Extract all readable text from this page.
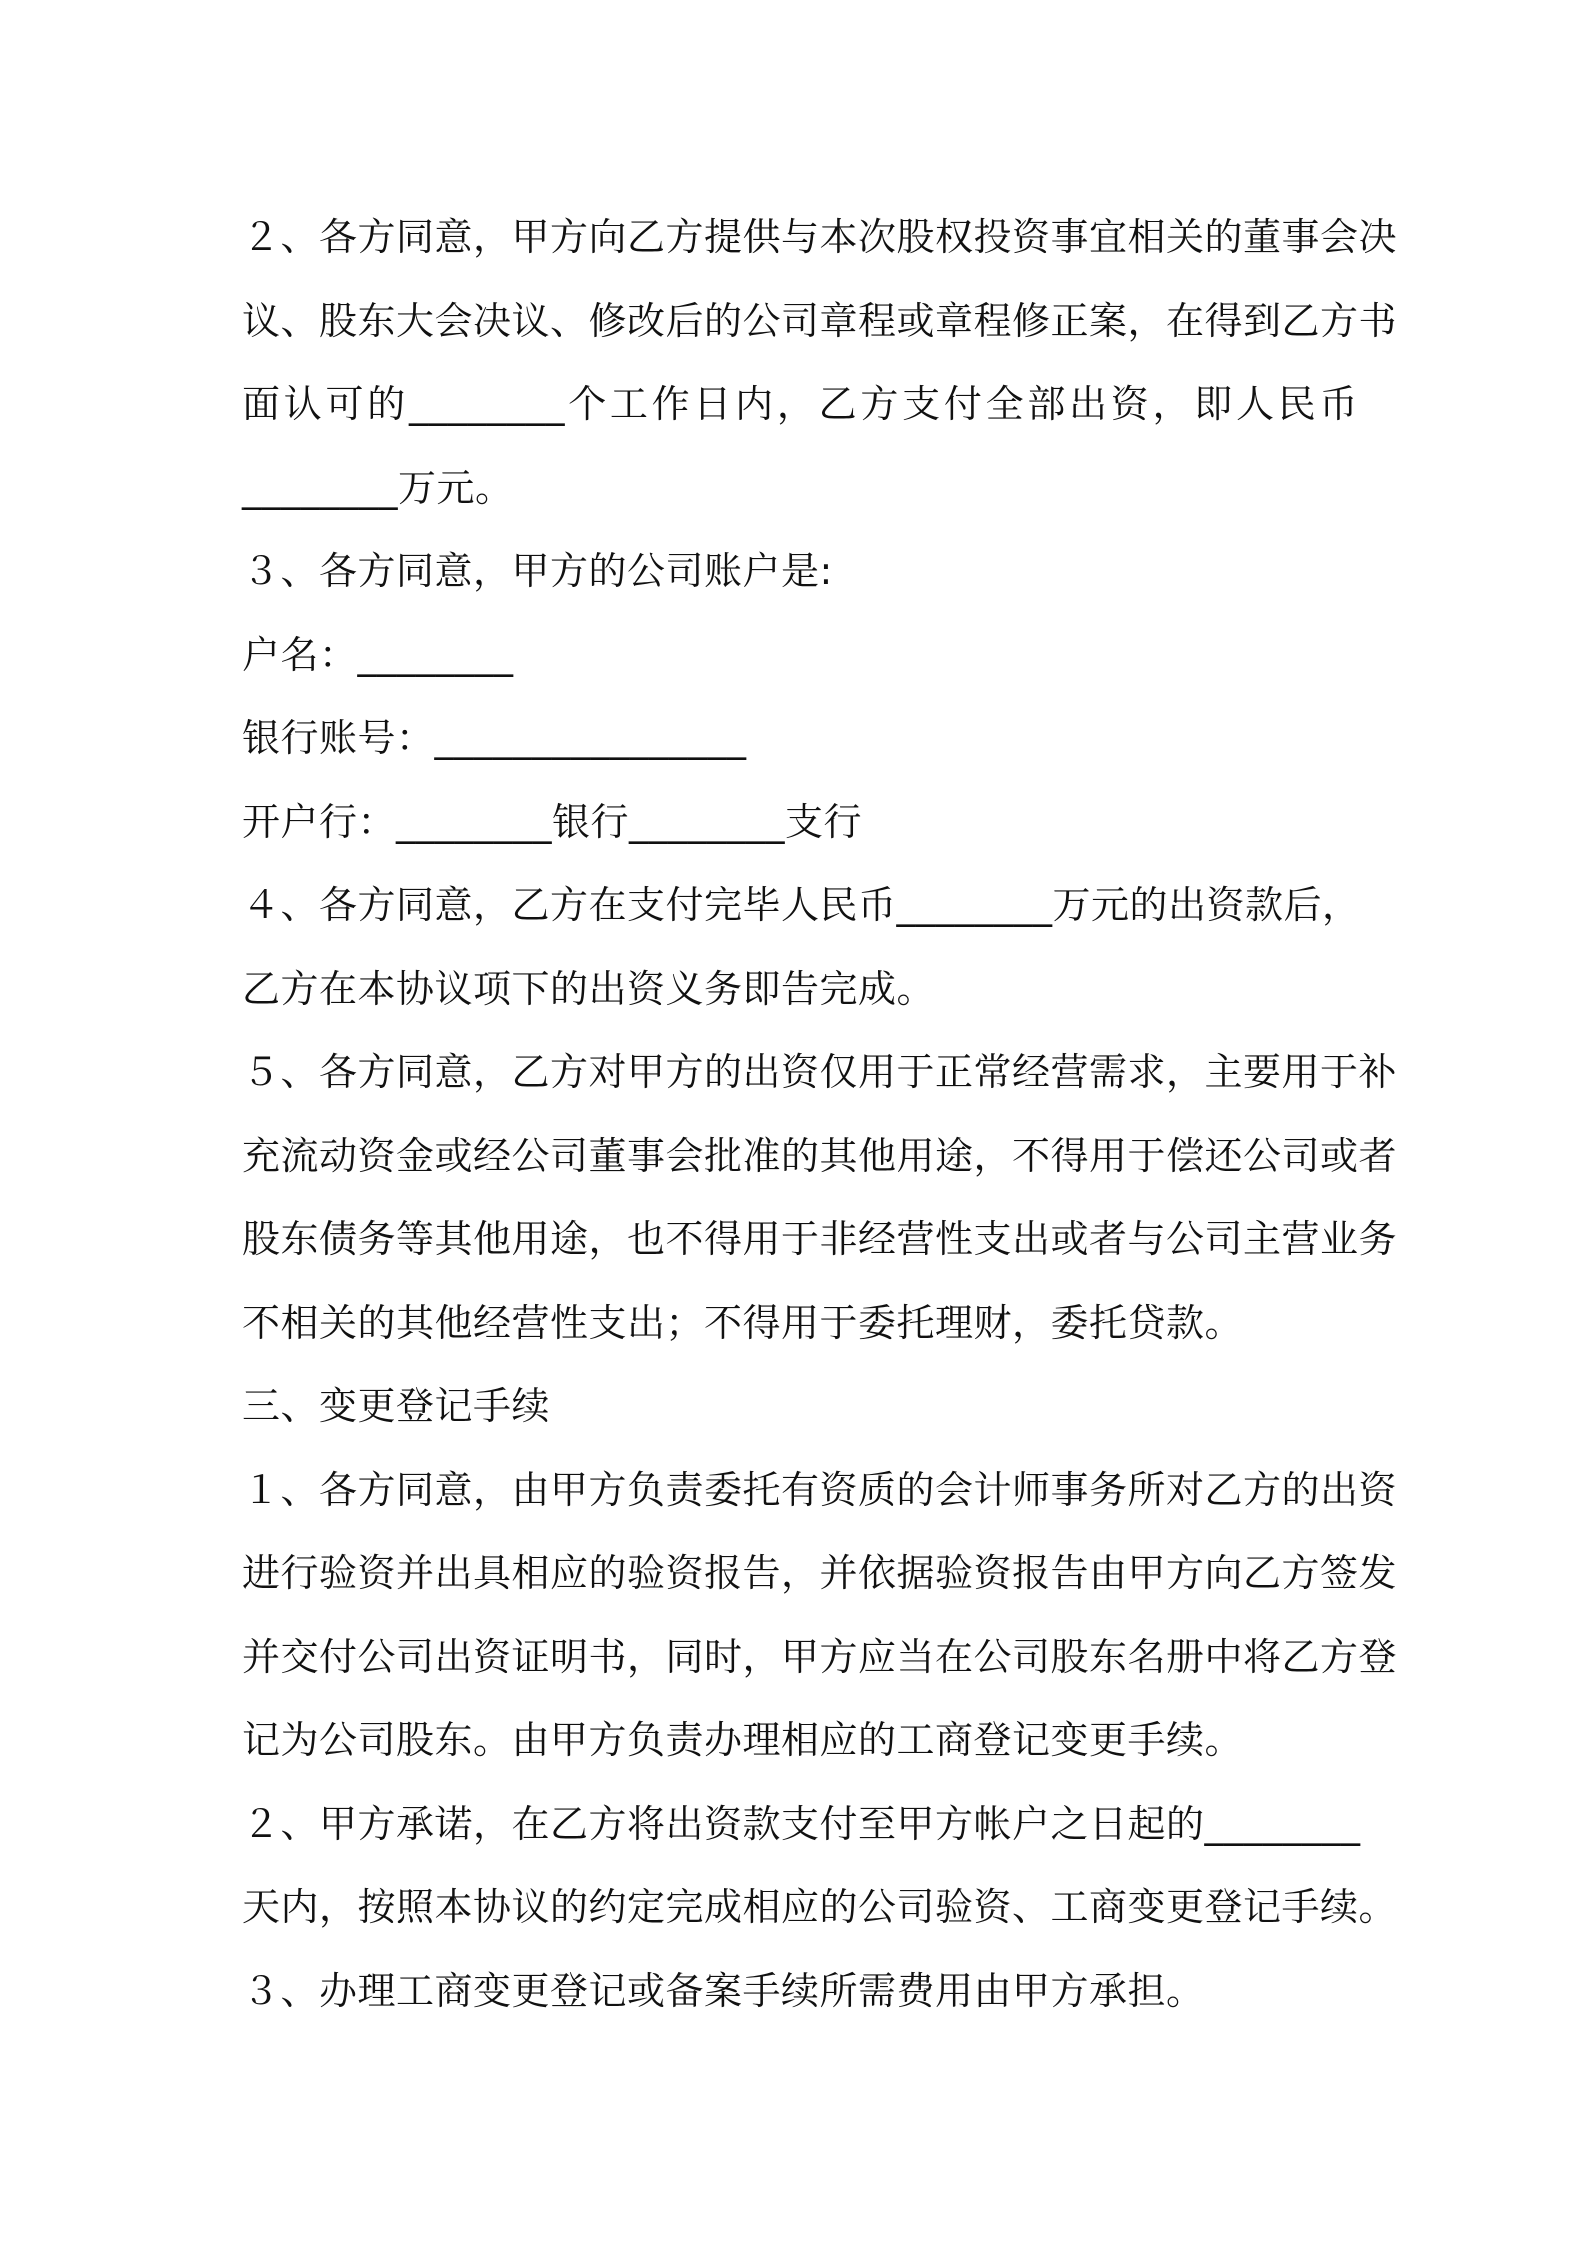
２、各方同意，甲方向乙方提供与本次股权投资事宜相关的董事会决
议、股东大会决议、修改后的公司章程或章程修正案，在得到乙方书
面认可的________个工作日内，乙方支付全部出资，即人民币
________万元。
３、各方同意，甲方的公司账户是:
户名：________
银行账号：________________
开户行：________银行________支行
４、各方同意，乙方在支付完毕人民币________万元的出资款后，
乙方在本协议项下的出资义务即告完成。
５、各方同意，乙方对甲方的出资仅用于正常经营需求，主要用于补
充流动资金或经公司董事会批准的其他用途，不得用于偿还公司或者
股东债务等其他用途，也不得用于非经营性支出或者与公司主营业务
不相关的其他经营性支出；不得用于委托理财，委托贷款。
三、变更登记手续
１、各方同意，由甲方负责委托有资质的会计师事务所对乙方的出资
进行验资并出具相应的验资报告，并依据验资报告由甲方向乙方签发
并交付公司出资证明书，同时，甲方应当在公司股东名册中将乙方登
记为公司股东。由甲方负责办理相应的工商登记变更手续。
２、甲方承诺，在乙方将出资款支付至甲方帐户之日起的________
天内，按照本协议的约定完成相应的公司验资、工商变更登记手续。
３、办理工商变更登记或备案手续所需费用由甲方承担。
